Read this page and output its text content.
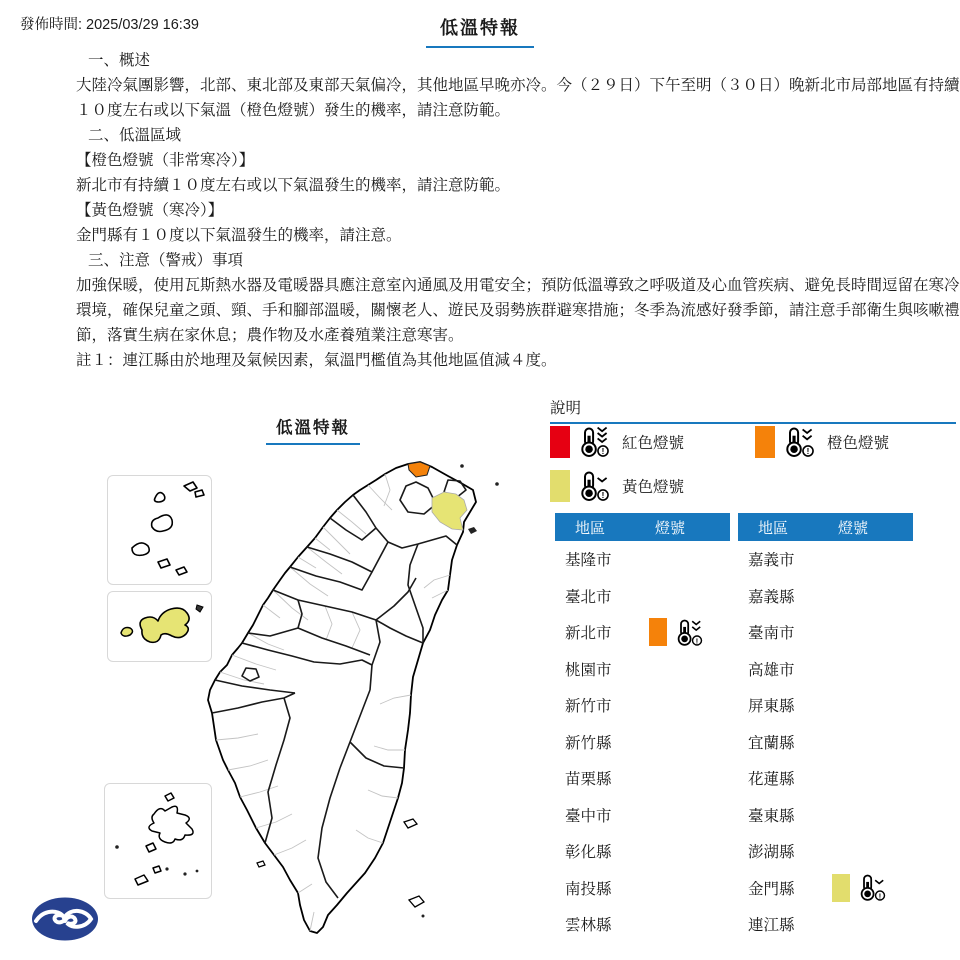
發佈時間: 2025/03/29 16:39	低溫特報

一、概述

大陸冷氣團影響，北部、東北部及東部天氣偏冷，其他地區早晚亦冷。今（２９日）下午至明（３０日）晚新北市局部地區有持續１０度左右或以下氣溫（橙色燈號）發生的機率，請注意防範。

二、低溫區域

【橙色燈號（非常寒冷）】

新北市有持續１０度左右或以下氣溫發生的機率，請注意防範。

【黃色燈號（寒冷）】

金門縣有１０度以下氣溫發生的機率，請注意。

三、注意（警戒）事項

加強保暖，使用瓦斯熱水器及電暖器具應注意室內通風及用電安全；預防低溫導致之呼吸道及心血管疾病、避免長時間逗留在寒冷環境，確保兒童之頭、頸、手和腳部溫暖，關懷老人、遊民及弱勢族群避寒措施；冬季為流感好發季節，請注意手部衛生與咳嗽禮節，落實生病在家休息；農作物及水產養殖業注意寒害。

註１：連江縣由於地理及氣候因素，氣溫門檻值為其他地區值減４度。

低溫特報
說明
! 紅色燈號	! 橙色燈號
! 黃色燈號
地區	燈號
基隆市
臺北市
新北市	!
桃園市
新竹市
新竹縣
苗栗縣
臺中市
彰化縣
南投縣
雲林縣
地區	燈號
嘉義市
嘉義縣
臺南市
高雄市
屏東縣
宜蘭縣
花蓮縣
臺東縣
澎湖縣
金門縣	!
連江縣
